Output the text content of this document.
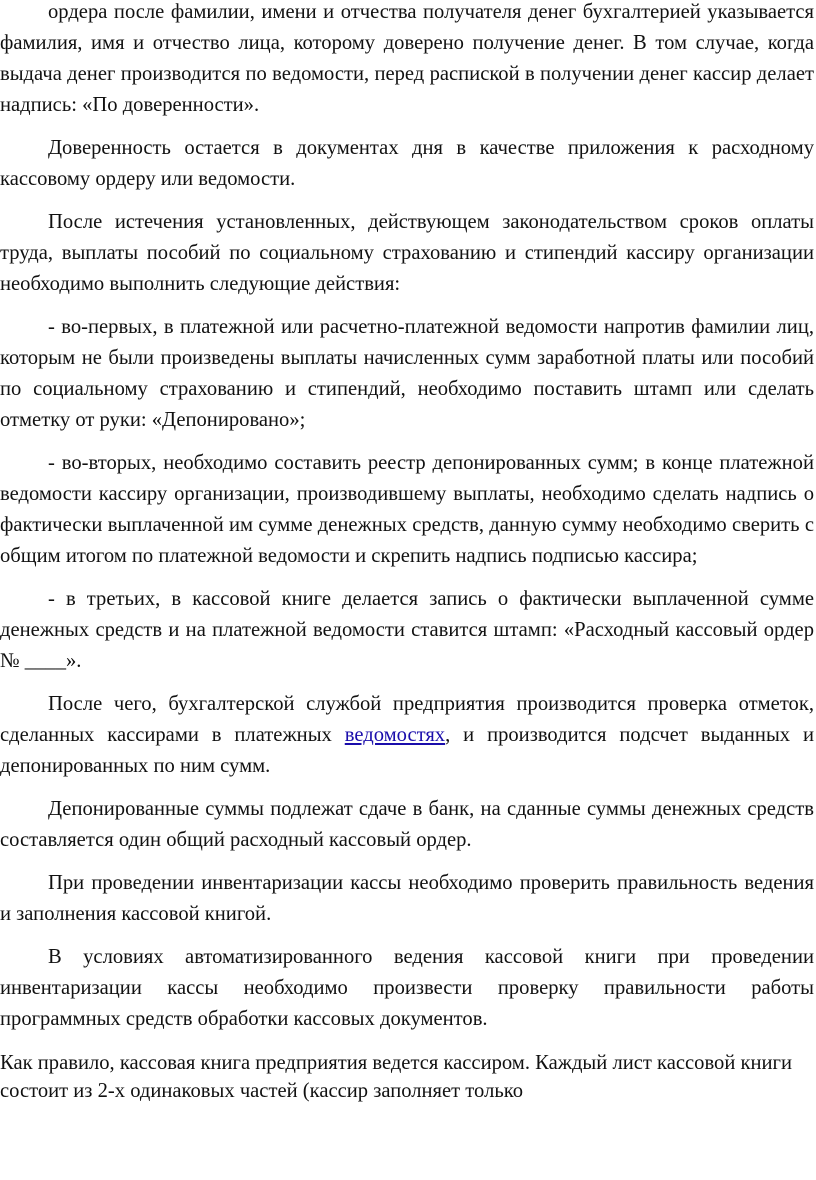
ордера после фамилии, имени и отчества получателя денег бухгалтерией указывается фамилия, имя и отчество лица, которому доверено получение денег. В том случае, когда выдача денег производится по ведомости, перед распиской в получении денег кассир делает надпись: «По доверенности».

Доверенность остается в документах дня в качестве приложения к расходному кассовому ордеру или ведомости.

После истечения установленных, действующем законодательством сроков оплаты труда, выплаты пособий по социальному страхованию и стипендий кассиру организации необходимо выполнить следующие действия:

- во-первых, в платежной или расчетно-платежной ведомости напротив фамилии лиц, которым не были произведены выплаты начисленных сумм заработной платы или пособий по социальному страхованию и стипендий, необходимо поставить штамп или сделать отметку от руки: «Депонировано»;

- во-вторых, необходимо составить реестр депонированных сумм; в конце платежной ведомости кассиру организации, производившему выплаты, необходимо сделать надпись о фактически выплаченной им сумме денежных средств, данную сумму необходимо сверить с общим итогом по платежной ведомости и скрепить надпись подписью кассира;

- в третьих, в кассовой книге делается запись о фактически выплаченной сумме денежных средств и на платежной ведомости ставится штамп: «Расходный кассовый ордер № ____».

После чего, бухгалтерской службой предприятия производится проверка отметок, сделанных кассирами в платежных ведомостях, и производится подсчет выданных и депонированных по ним сумм.

Депонированные суммы подлежат сдаче в банк, на сданные суммы денежных средств составляется один общий расходный кассовый ордер.

При проведении инвентаризации кассы необходимо проверить правильность ведения и заполнения кассовой книгой.

В условиях автоматизированного ведения кассовой книги при проведении инвентаризации кассы необходимо произвести проверку правильности работы программных средств обработки кассовых документов.

Как правило, кассовая книга предприятия ведется кассиром. Каждый лист кассовой книги состоит из 2-х одинаковых частей (кассир заполняет только
